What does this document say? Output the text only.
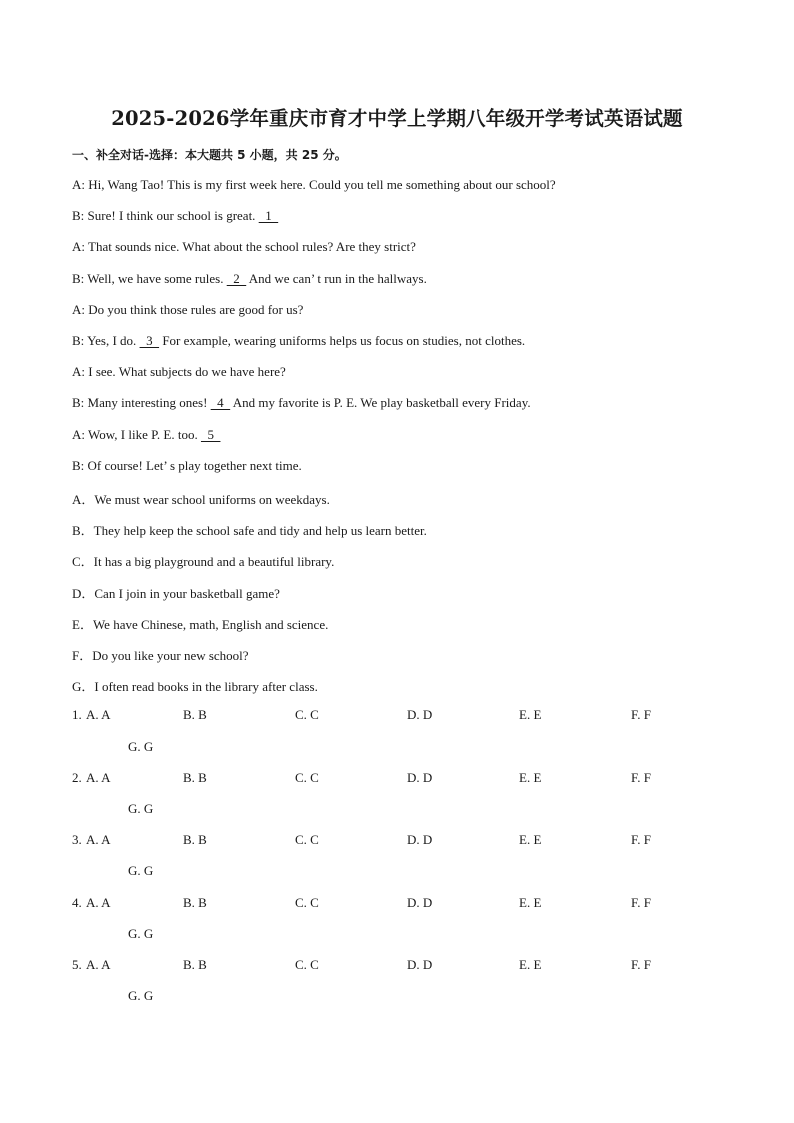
2025-2026学年重庆市育才中学上学期八年级开学考试英语试题
一、补全对话-选择：本大题共 5 小题，共 25 分。
A: Hi, Wang Tao! This is my first week here. Could you tell me something about our school?
B: Sure! I think our school is great.   1
A: That sounds nice. What about the school rules? Are they strict?
B: Well, we have some rules.   2   And we can’ t run in the hallways.
A: Do you think those rules are good for us?
B: Yes, I do.   3   For example, wearing uniforms helps us focus on studies, not clothes.
A: I see. What subjects do we have here?
B: Many interesting ones!   4   And my favorite is P. E. We play basketball every Friday.
A: Wow, I like P. E. too.   5
B: Of course! Let’ s play together next time.
A．We must wear school uniforms on weekdays.
B．They help keep the school safe and tidy and help us learn better.
C．It has a big playground and a beautiful library.
D．Can I join in your basketball game?
E．We have Chinese, math, English and science.
F．Do you like your new school?
G．I often read books in the library after class.
1. A. A	B. B	C. C	D. D	E. E	F. F
G. G
2. A. A	B. B	C. C	D. D	E. E	F. F
G. G
3. A. A	B. B	C. C	D. D	E. E	F. F
G. G
4. A. A	B. B	C. C	D. D	E. E	F. F
G. G
5. A. A	B. B	C. C	D. D	E. E	F. F
G. G
